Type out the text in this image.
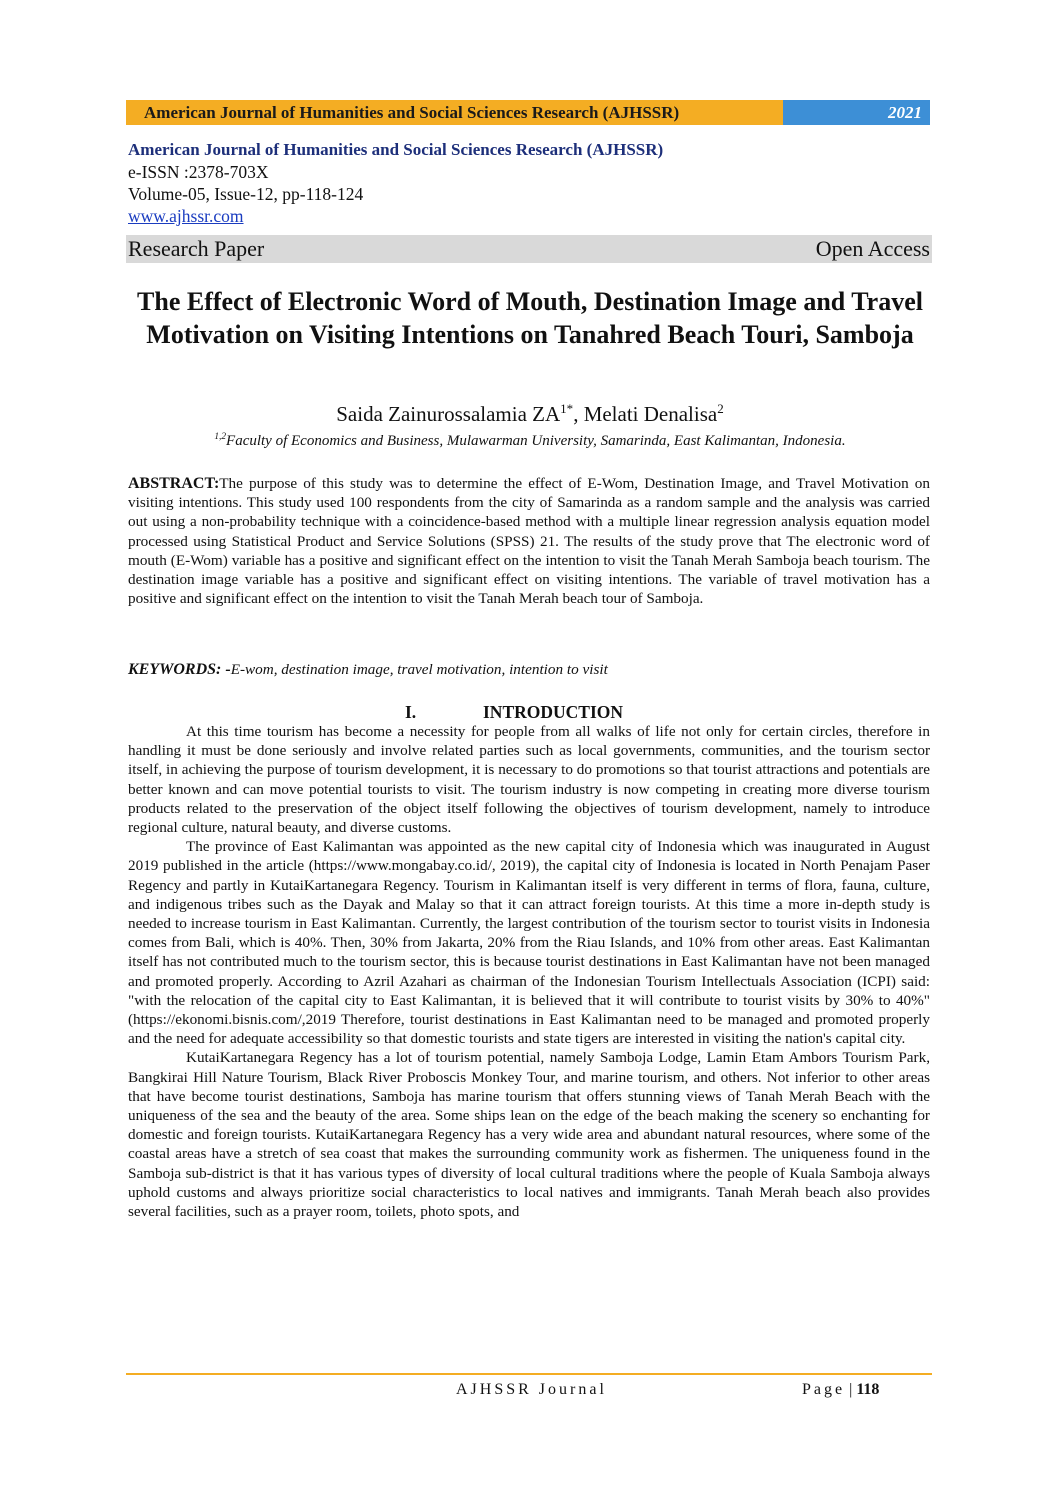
American Journal of Humanities and Social Sciences Research (AJHSSR)	2021
American Journal of Humanities and Social Sciences Research (AJHSSR)
e-ISSN :2378-703X
Volume-05, Issue-12, pp-118-124
www.ajhssr.com
Research Paper	Open Access
The Effect of Electronic Word of Mouth, Destination Image and Travel Motivation on Visiting Intentions on Tanahred Beach Touri, Samboja
Saida Zainurossalamia $ZA^{1*}$, Melati Denalisa$^2$
$^{1,2}$Faculty of Economics and Business, Mulawarman University, Samarinda, East Kalimantan, Indonesia.
ABSTRACT:The purpose of this study was to determine the effect of E-Wom, Destination Image, and Travel Motivation on visiting intentions. This study used 100 respondents from the city of Samarinda as a random sample and the analysis was carried out using a non-probability technique with a coincidence-based method with a multiple linear regression analysis equation model processed using Statistical Product and Service Solutions (SPSS) 21. The results of the study prove that The electronic word of mouth (E-Wom) variable has a positive and significant effect on the intention to visit the Tanah Merah Samboja beach tourism. The destination image variable has a positive and significant effect on visiting intentions. The variable of travel motivation has a positive and significant effect on the intention to visit the Tanah Merah beach tour of Samboja.
KEYWORDS: -E-wom, destination image, travel motivation, intention to visit
I.	INTRODUCTION

At this time tourism has become a necessity for people from all walks of life not only for certain circles, therefore in handling it must be done seriously and involve related parties such as local governments, communities, and the tourism sector itself, in achieving the purpose of tourism development, it is necessary to do promotions so that tourist attractions and potentials are better known and can move potential tourists to visit. The tourism industry is now competing in creating more diverse tourism products related to the preservation of the object itself following the objectives of tourism development, namely to introduce regional culture, natural beauty, and diverse customs.

The province of East Kalimantan was appointed as the new capital city of Indonesia which was inaugurated in August 2019 published in the article (https://www.mongabay.co.id/, 2019), the capital city of Indonesia is located in North Penajam Paser Regency and partly in KutaiKartanegara Regency. Tourism in Kalimantan itself is very different in terms of flora, fauna, culture, and indigenous tribes such as the Dayak and Malay so that it can attract foreign tourists. At this time a more in-depth study is needed to increase tourism in East Kalimantan. Currently, the largest contribution of the tourism sector to tourist visits in Indonesia comes from Bali, which is 40%. Then, 30% from Jakarta, 20% from the Riau Islands, and 10% from other areas. East Kalimantan itself has not contributed much to the tourism sector, this is because tourist destinations in East Kalimantan have not been managed and promoted properly. According to Azril Azahari as chairman of the Indonesian Tourism Intellectuals Association (ICPI) said: "with the relocation of the capital city to East Kalimantan, it is believed that it will contribute to tourist visits by 30% to 40%" (https://ekonomi.bisnis.com/,2019 Therefore, tourist destinations in East Kalimantan need to be managed and promoted properly and the need for adequate accessibility so that domestic tourists and state tigers are interested in visiting the nation's capital city.

KutaiKartanegara Regency has a lot of tourism potential, namely Samboja Lodge, Lamin Etam Ambors Tourism Park, Bangkirai Hill Nature Tourism, Black River Proboscis Monkey Tour, and marine tourism, and others. Not inferior to other areas that have become tourist destinations, Samboja has marine tourism that offers stunning views of Tanah Merah Beach with the uniqueness of the sea and the beauty of the area. Some ships lean on the edge of the beach making the scenery so enchanting for domestic and foreign tourists. KutaiKartanegara Regency has a very wide area and abundant natural resources, where some of the coastal areas have a stretch of sea coast that makes the surrounding community work as fishermen. The uniqueness found in the Samboja sub-district is that it has various types of diversity of local cultural traditions where the people of Kuala Samboja always uphold customs and always prioritize social characteristics to local natives and immigrants. Tanah Merah beach also provides several facilities, such as a prayer room, toilets, photo spots, and

AJHSSR Journal	Page | 118
